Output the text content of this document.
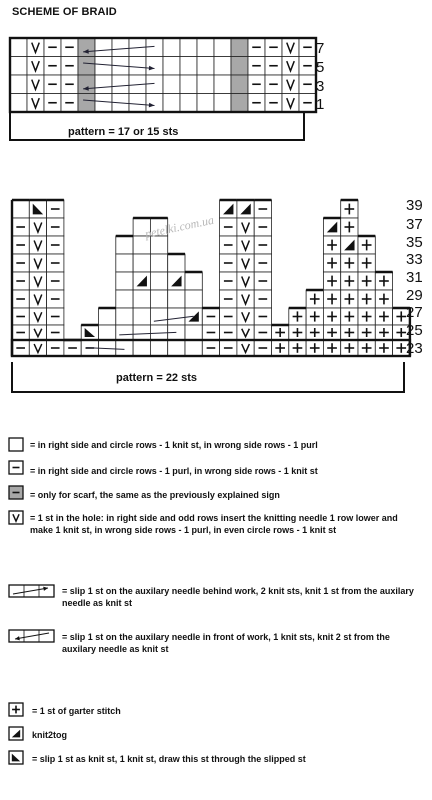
SCHEME OF BRAID
7
5
3
1
pattern = 17 or 15 sts
39
37
35
33
31
29
27
25
23
pattern = 22 sts
petelki.com.ua
= in right side and circle rows - 1 knit st, in wrong side rows - 1 purl
= in right side and circle rows - 1 purl, in wrong side rows - 1 knit st
= only for scarf, the same as the previously explained sign
= 1 st in the hole: in right side and odd rows insert the knitting needle 1 row lower and make 1 knit st, in wrong side rows - 1 purl, in even circle rows - 1 knit st
= slip 1 st on the auxilary needle behind work, 2 knit sts, knit 1 st from the auxilary needle as knit st
= slip 1 st on the auxilary needle in front of work, 1 knit sts, knit 2 st from the auxilary needle as knit st
= 1 st of garter stitch
knit2tog
= slip 1 st as knit st, 1 knit st, draw this st through the slipped st
